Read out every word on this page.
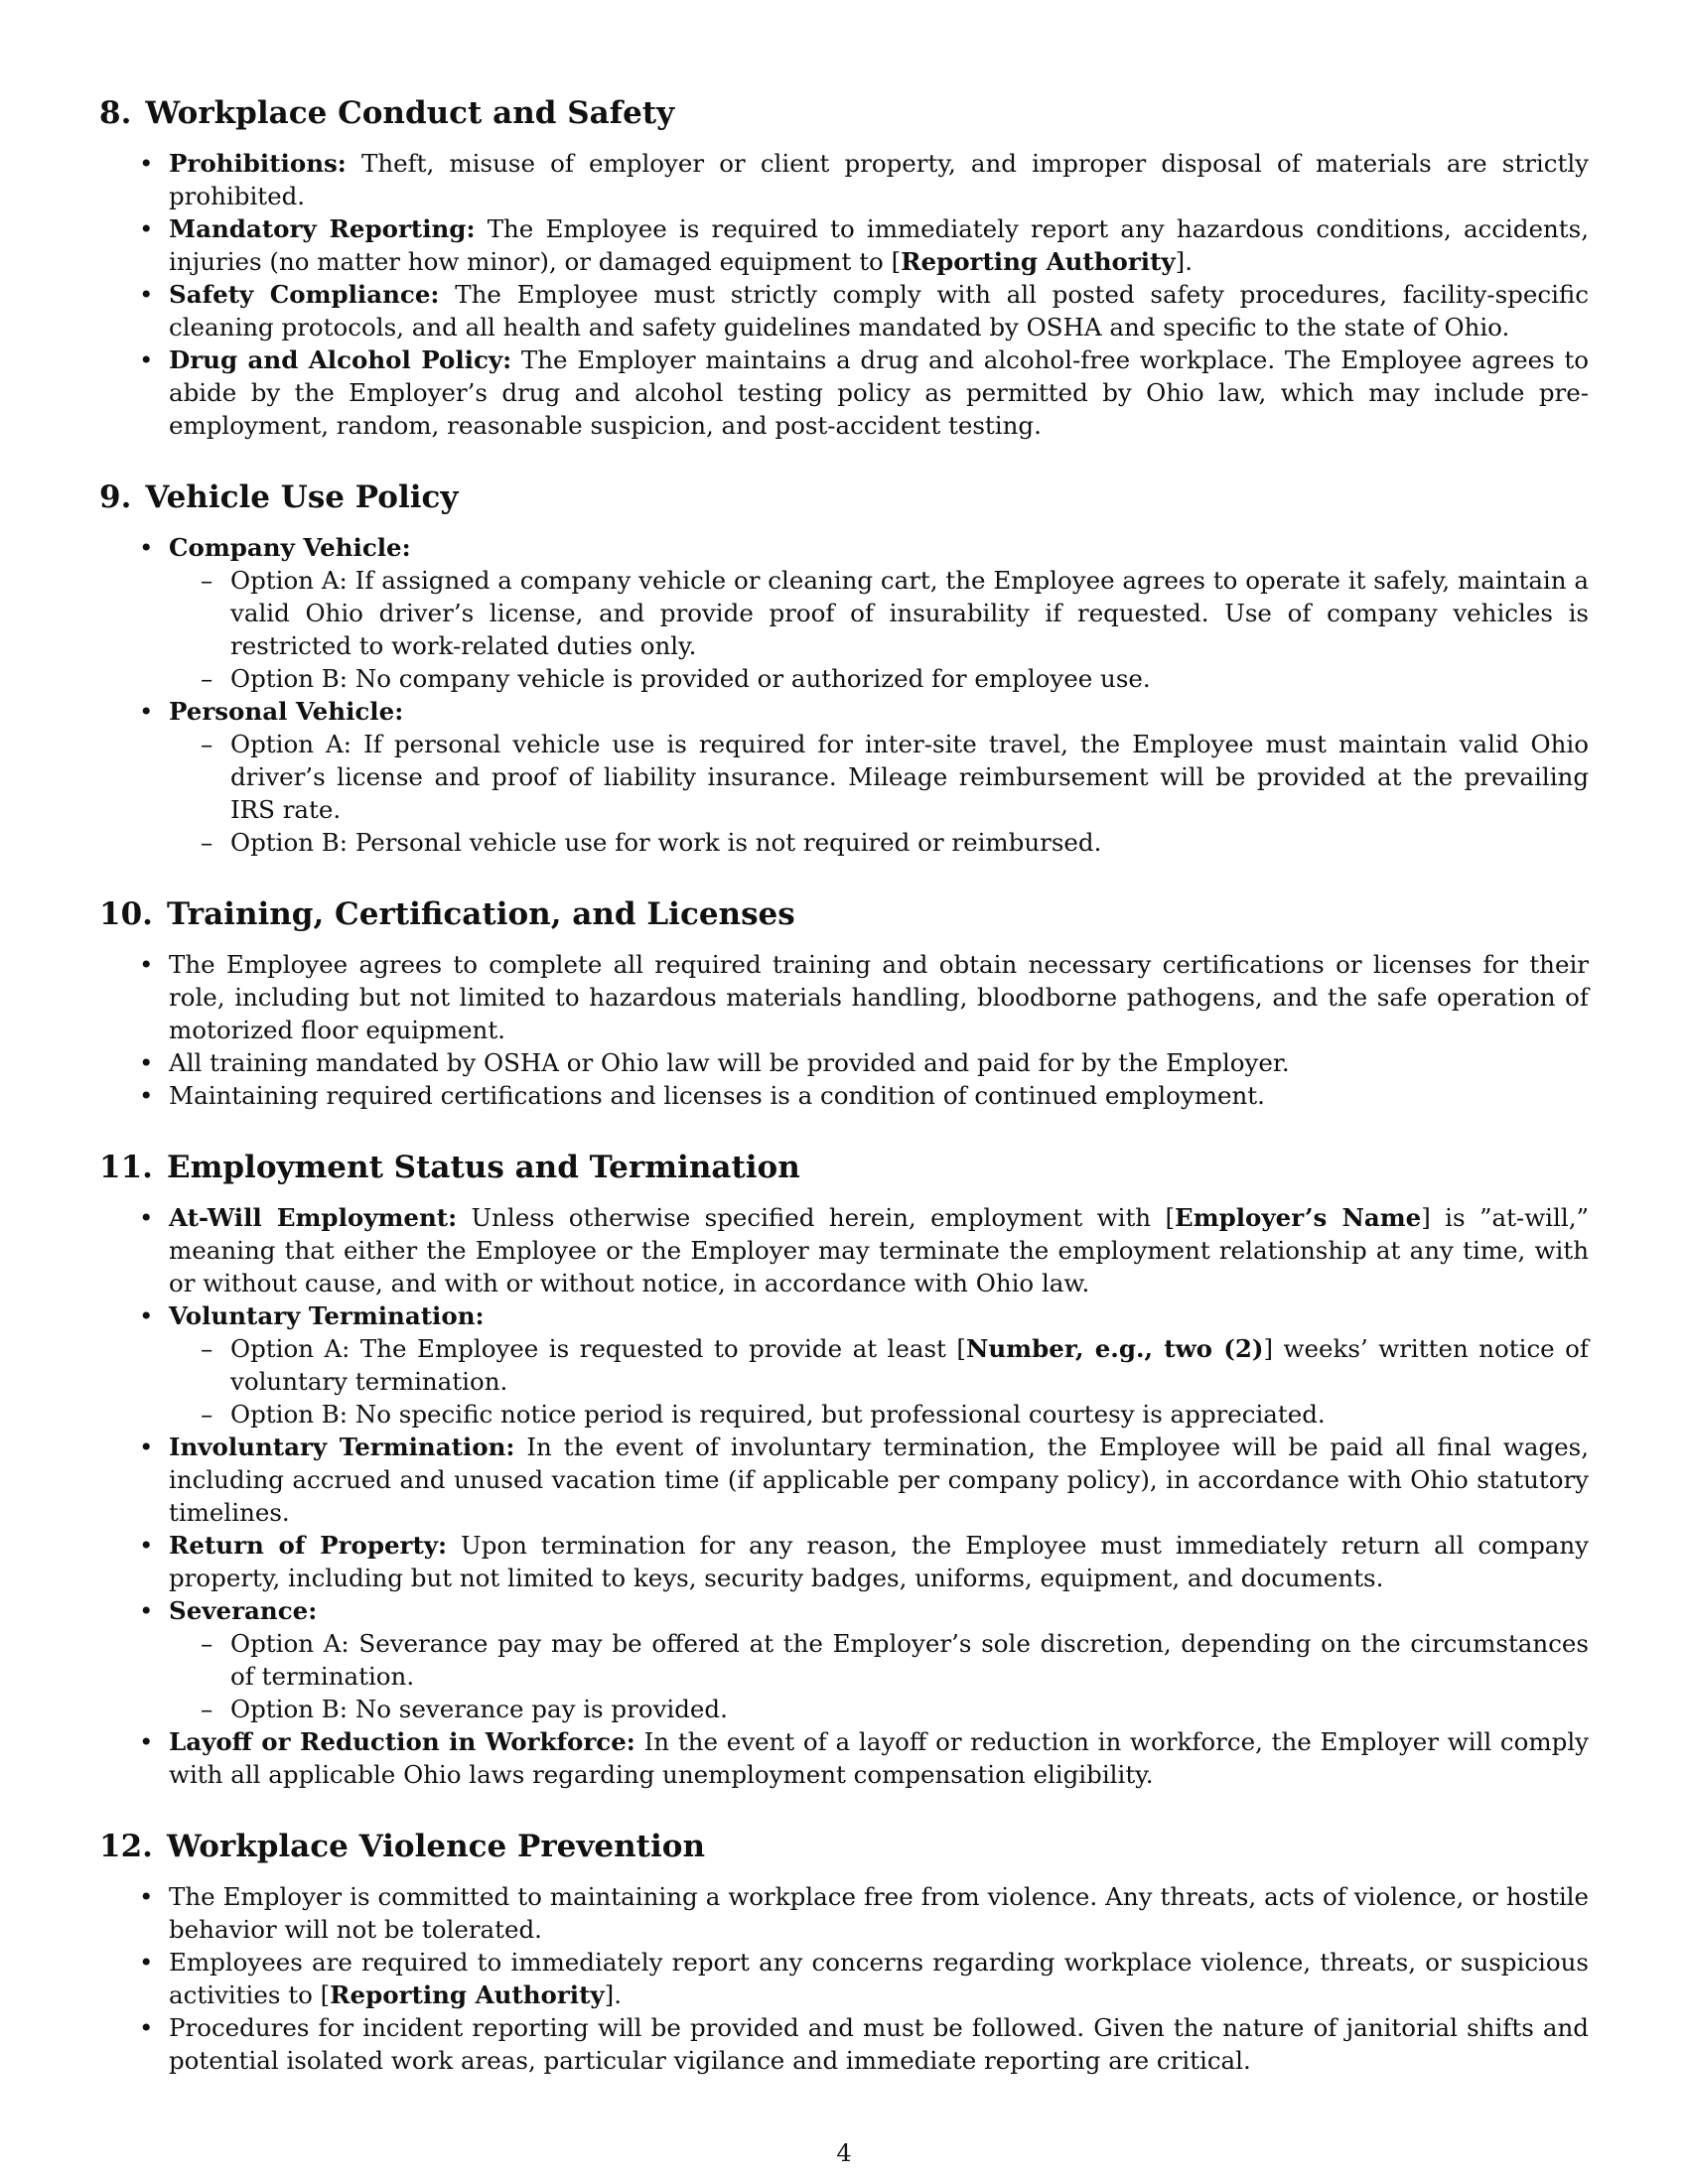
8. Workplace Conduct and Safety
• Prohibitions: Theft, misuse of employer or client property, and improper disposal of materials are strictly prohibited.
• Mandatory Reporting: The Employee is required to immediately report any hazardous conditions, accidents, injuries (no matter how minor), or damaged equipment to [Reporting Authority].
• Safety Compliance: The Employee must strictly comply with all posted safety procedures, facility-specific cleaning protocols, and all health and safety guidelines mandated by OSHA and specific to the state of Ohio.
• Drug and Alcohol Policy: The Employer maintains a drug and alcohol-free workplace. The Employee agrees to abide by the Employer’s drug and alcohol testing policy as permitted by Ohio law, which may include pre-employment, random, reasonable suspicion, and post-accident testing.
9. Vehicle Use Policy
• Company Vehicle:
– Option A: If assigned a company vehicle or cleaning cart, the Employee agrees to operate it safely, maintain a valid Ohio driver’s license, and provide proof of insurability if requested. Use of company vehicles is restricted to work-related duties only.
– Option B: No company vehicle is provided or authorized for employee use.
• Personal Vehicle:
– Option A: If personal vehicle use is required for inter-site travel, the Employee must maintain valid Ohio driver’s license and proof of liability insurance. Mileage reimbursement will be provided at the prevailing IRS rate.
– Option B: Personal vehicle use for work is not required or reimbursed.
10. Training, Certification, and Licenses
• The Employee agrees to complete all required training and obtain necessary certifications or licenses for their role, including but not limited to hazardous materials handling, bloodborne pathogens, and the safe operation of motorized floor equipment.
• All training mandated by OSHA or Ohio law will be provided and paid for by the Employer.
• Maintaining required certifications and licenses is a condition of continued employment.
11. Employment Status and Termination
• At-Will Employment: Unless otherwise specified herein, employment with [Employer’s Name] is ”at-will,” meaning that either the Employee or the Employer may terminate the employment relationship at any time, with or without cause, and with or without notice, in accordance with Ohio law.
• Voluntary Termination:
– Option A: The Employee is requested to provide at least [Number, e.g., two (2)] weeks’ written notice of voluntary termination.
– Option B: No specific notice period is required, but professional courtesy is appreciated.
• Involuntary Termination: In the event of involuntary termination, the Employee will be paid all final wages, including accrued and unused vacation time (if applicable per company policy), in accordance with Ohio statutory timelines.
• Return of Property: Upon termination for any reason, the Employee must immediately return all company property, including but not limited to keys, security badges, uniforms, equipment, and documents.
• Severance:
– Option A: Severance pay may be offered at the Employer’s sole discretion, depending on the circumstances of termination.
– Option B: No severance pay is provided.
• Layoff or Reduction in Workforce: In the event of a layoff or reduction in workforce, the Employer will comply with all applicable Ohio laws regarding unemployment compensation eligibility.
12. Workplace Violence Prevention
• The Employer is committed to maintaining a workplace free from violence. Any threats, acts of violence, or hostile behavior will not be tolerated.
• Employees are required to immediately report any concerns regarding workplace violence, threats, or suspicious activities to [Reporting Authority].
• Procedures for incident reporting will be provided and must be followed. Given the nature of janitorial shifts and potential isolated work areas, particular vigilance and immediate reporting are critical.
4
